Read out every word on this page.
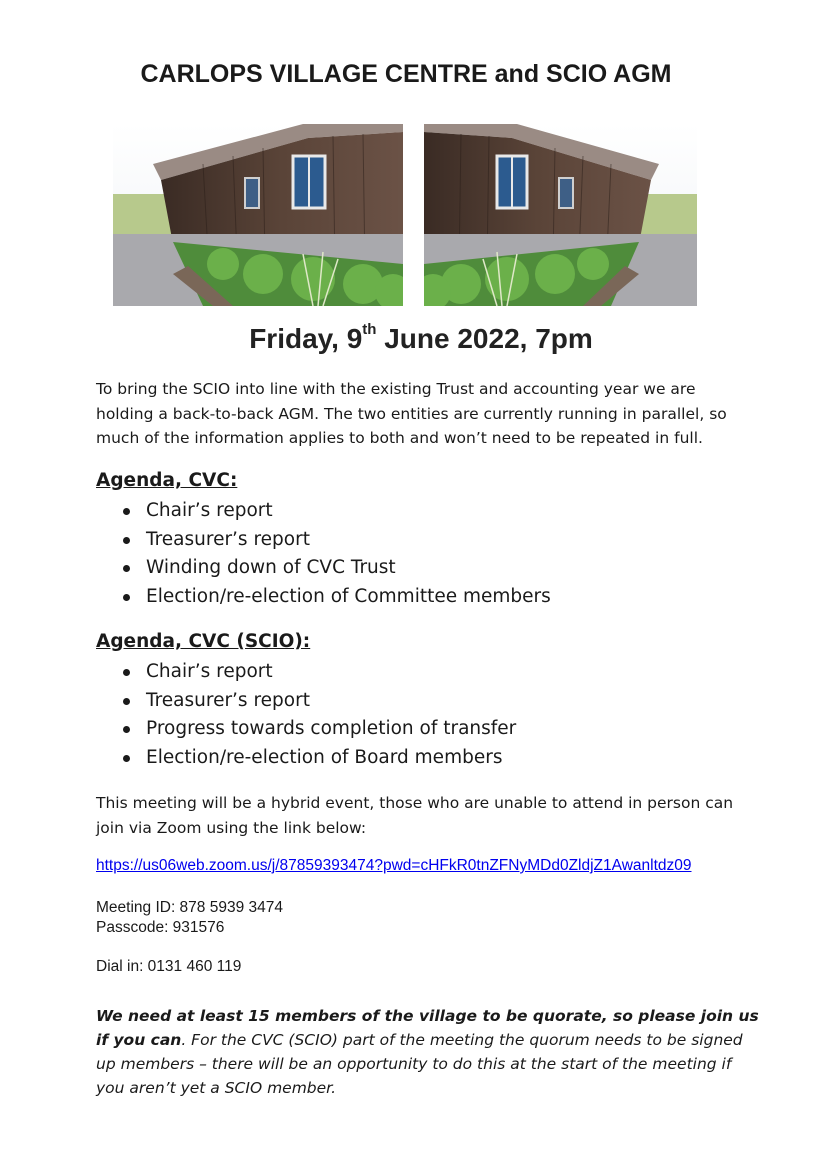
CARLOPS VILLAGE CENTRE and SCIO AGM
Friday, 9th June 2022, 7pm
To bring the SCIO into line with the existing Trust and accounting year we are holding a back-to-back AGM. The two entities are currently running in parallel, so much of the information applies to both and won’t need to be repeated in full.
Agenda, CVC:
Chair’s report
Treasurer’s report
Winding down of CVC Trust
Election/re-election of Committee members
Agenda, CVC (SCIO):
Chair’s report
Treasurer’s report
Progress towards completion of transfer
Election/re-election of Board members
This meeting will be a hybrid event, those who are unable to attend in person can join via Zoom using the link below:
https://us06web.zoom.us/j/87859393474?pwd=cHFkR0tnZFNyMDd0ZldjZ1Awanltdz09
Meeting ID: 878 5939 3474
Passcode: 931576
Dial in: 0131 460 119
We need at least 15 members of the village to be quorate, so please join us if you can. For the CVC (SCIO) part of the meeting the quorum needs to be signed up members – there will be an opportunity to do this at the start of the meeting if you aren’t yet a SCIO member.
